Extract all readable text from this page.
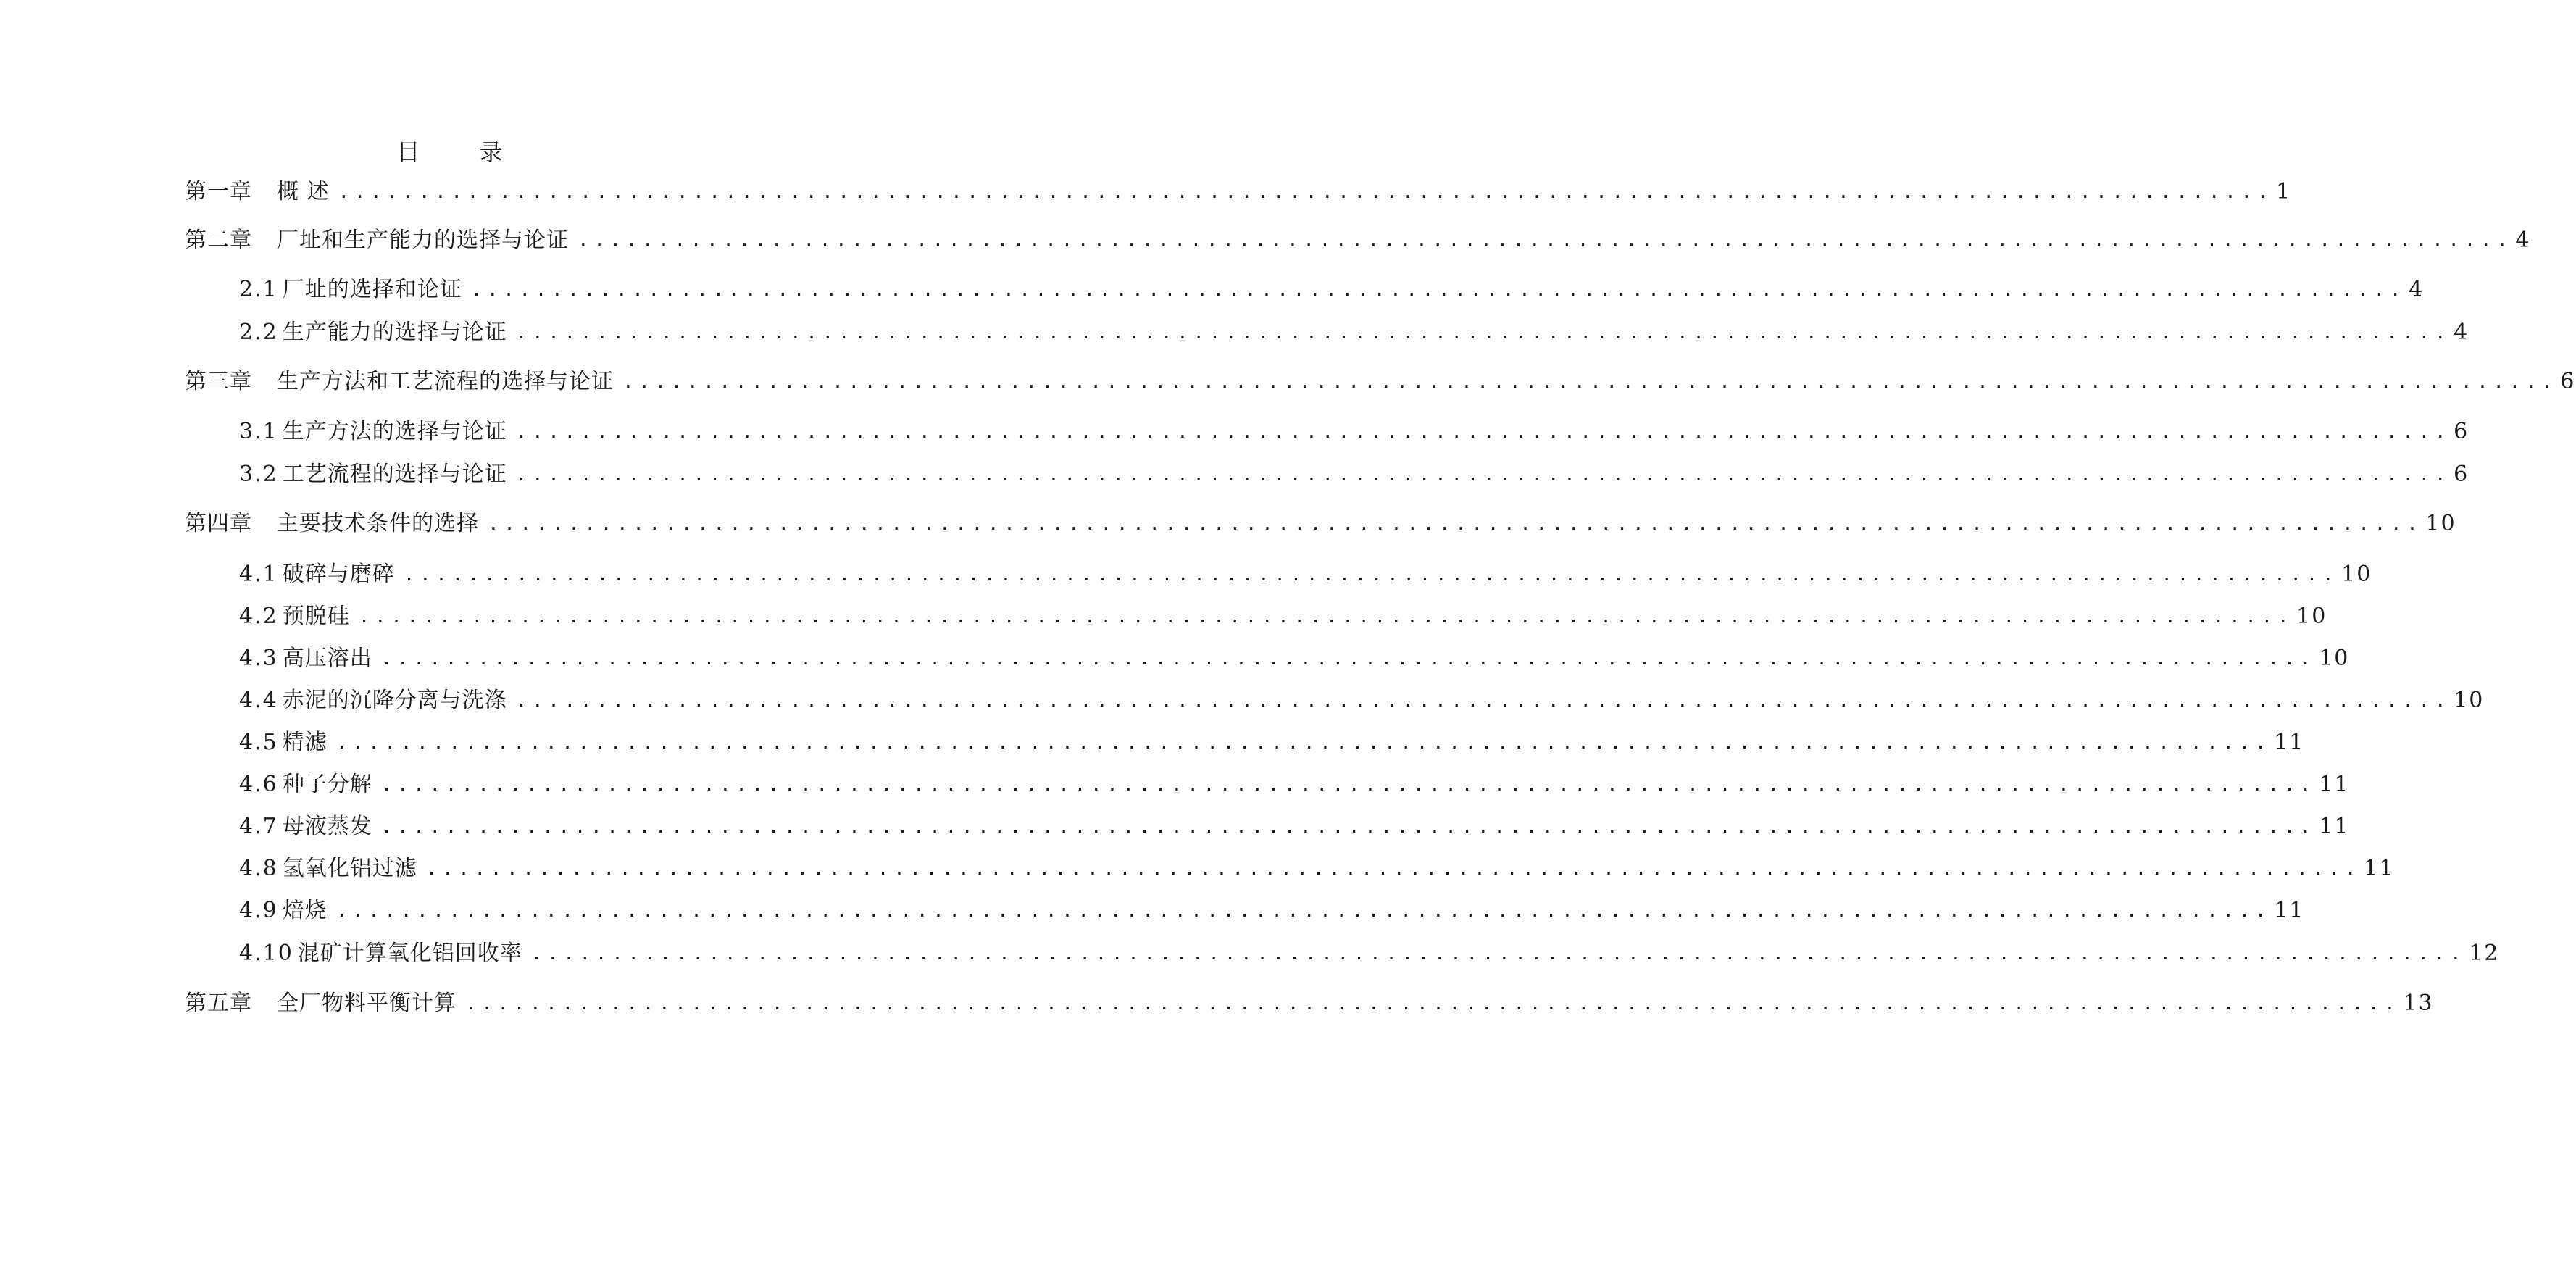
目 录
第一章 概 述 ........................................................................................................................ 1
第二章 厂址和生产能力的选择与论证 ........................................................................................................................ 4
2.1 厂址的选择和论证 ........................................................................................................................ 4
2.2 生产能力的选择与论证 ........................................................................................................................ 4
第三章 生产方法和工艺流程的选择与论证 ........................................................................................................................ 6
3.1 生产方法的选择与论证 ........................................................................................................................ 6
3.2 工艺流程的选择与论证 ........................................................................................................................ 6
第四章 主要技术条件的选择 ........................................................................................................................ 10
4.1 破碎与磨碎 ........................................................................................................................ 10
4.2 预脱硅 ........................................................................................................................ 10
4.3 高压溶出 ........................................................................................................................ 10
4.4 赤泥的沉降分离与洗涤 ........................................................................................................................ 10
4.5 精滤 ........................................................................................................................ 11
4.6 种子分解 ........................................................................................................................ 11
4.7 母液蒸发 ........................................................................................................................ 11
4.8 氢氧化铝过滤 ........................................................................................................................ 11
4.9 焙烧 ........................................................................................................................ 11
4.10 混矿计算氧化铝回收率 ........................................................................................................................ 12
第五章 全厂物料平衡计算 ........................................................................................................................ 13
